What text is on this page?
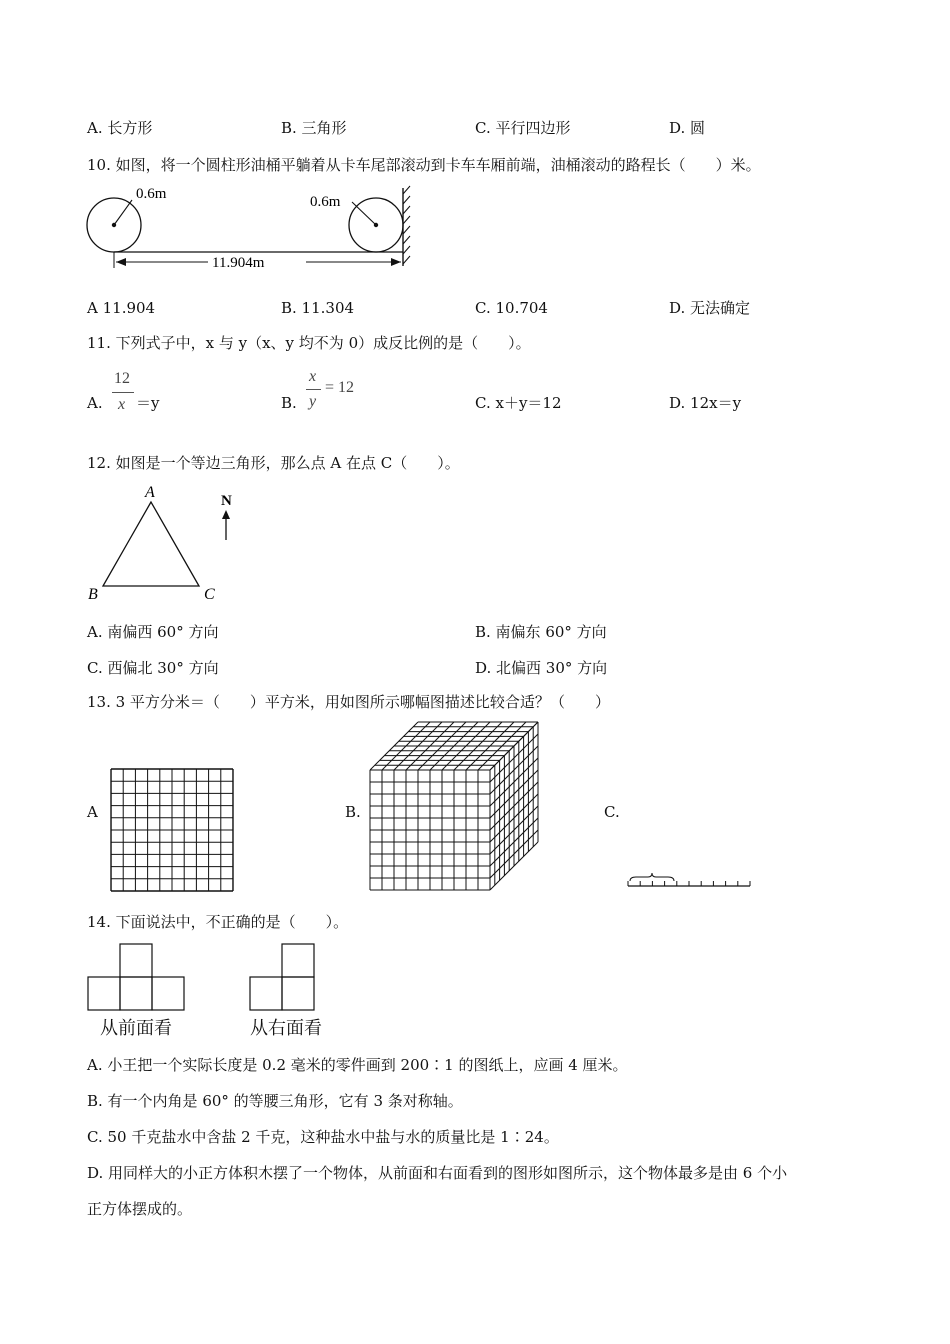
A. 长方形	B. 三角形	C. 平行四边形	D. 圆
10. 如图，将一个圆柱形油桶平躺着从卡车尾部滚动到卡车车厢前端，油桶滚动的路程长（　　）米。
0.6m	0.6m
11.904m
A 11.904	B. 11.304	C. 10.704	D. 无法确定
11. 下列式子中，x 与 y（x、y 均不为 0）成反比例的是（　　）。
A.
12
x ＝y	B.
x
y
= 12
C. x＋y＝12	D. 12x＝y
12. 如图是一个等边三角形，那么点 A 在点 C（　　）。
A
B	C
N
A. 南偏西 60° 方向	B. 南偏东 60° 方向
C. 西偏北 30° 方向	D. 北偏西 30° 方向
13. 3 平方分米＝（　　）平方米，用如图所示哪幅图描述比较合适？（　　）
A	B.	C.
14. 下面说法中，不正确的是（　　）。
从前面看	从右面看
A. 小王把一个实际长度是 0.2 毫米的零件画到 200∶1 的图纸上，应画 4 厘米。
B. 有一个内角是 60° 的等腰三角形，它有 3 条对称轴。
C. 50 千克盐水中含盐 2 千克，这种盐水中盐与水的质量比是 1∶24。
D. 用同样大的小正方体积木摆了一个物体，从前面和右面看到的图形如图所示，这个物体最多是由 6 个小
正方体摆成的。
